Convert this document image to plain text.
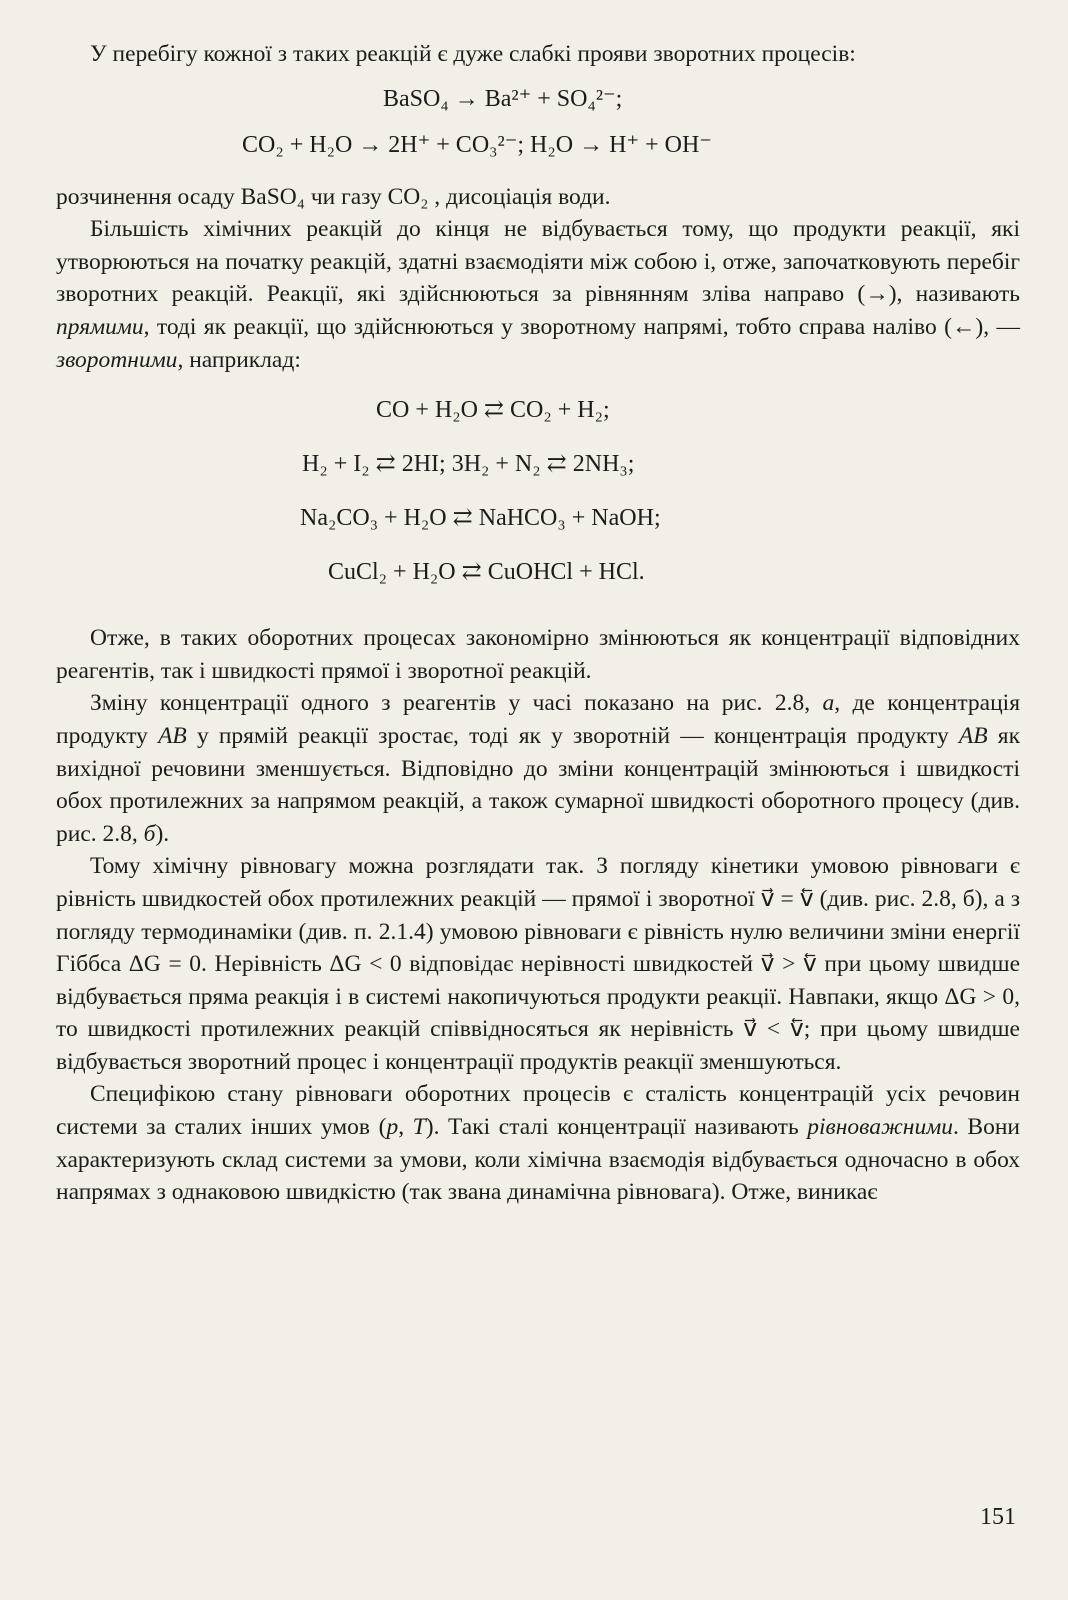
У перебігу кожної з таких реакцій є дуже слабкі прояви зворотних процесів:

BaSO₄ → Ba²⁺ + SO₄²⁻;
CO₂ + H₂O → 2H⁺ + CO₃²⁻; H₂O → H⁺ + OH⁻

розчинення осаду BaSO₄ чи газу CO₂ , дисоціація води.

Більшість хімічних реакцій до кінця не відбувається тому, що продукти реакції, які утворюються на початку реакцій, здатні взаємодіяти між собою і, отже, започатковують перебіг зворотних реакцій. Реакції, які здійснюються за рівнянням зліва направо (→), називають прямими, тоді як реакції, що здійснюються у зворотному напрямі, тобто справа наліво (←), — зворотними, наприклад:

CO + H₂O ⇄ CO₂ + H₂;
H₂ + I₂ ⇄ 2HI; 3H₂ + N₂ ⇄ 2NH₃;
Na₂CO₃ + H₂O ⇄ NaHCO₃ + NaOH;
CuCl₂ + H₂O ⇄ CuOHCl + HCl.

Отже, в таких оборотних процесах закономірно змінюються як концентрації відповідних реагентів, так і швидкості прямої і зворотної реакцій.

Зміну концентрації одного з реагентів у часі показано на рис. 2.8, а, де концентрація продукту AB у прямій реакції зростає, тоді як у зворотній — концентрація продукту AB як вихідної речовини зменшується. Відповідно до зміни концентрацій змінюються і швидкості обох протилежних за напрямом реакцій, а також сумарної швидкості оборотного процесу (див. рис. 2.8, б).

Тому хімічну рівновагу можна розглядати так. З погляду кінетики умовою рівноваги є рівність швидкостей обох протилежних реакцій — прямої і зворотної v⃗ = v⃖ (див. рис. 2.8, б), а з погляду термодинаміки (див. п. 2.1.4) умовою рівноваги є рівність нулю величини зміни енергії Гіббса ΔG = 0. Нерівність ΔG < 0 відповідає нерівності швидкостей v⃗ > v⃖ при цьому швидше відбувається пряма реакція і в системі накопичуються продукти реакції. Навпаки, якщо ΔG > 0, то швидкості протилежних реакцій співвідносяться як нерівність v⃗ < v⃖; при цьому швидше відбувається зворотний процес і концентрації продуктів реакції зменшуються.

Специфікою стану рівноваги оборотних процесів є сталість концентрацій усіх речовин системи за сталих інших умов (p, T). Такі сталі концентрації називають рівноважними. Вони характеризують склад системи за умови, коли хімічна взаємодія відбувається одночасно в обох напрямах з однаковою швидкістю (так звана динамічна рівновага). Отже, виникає

151
